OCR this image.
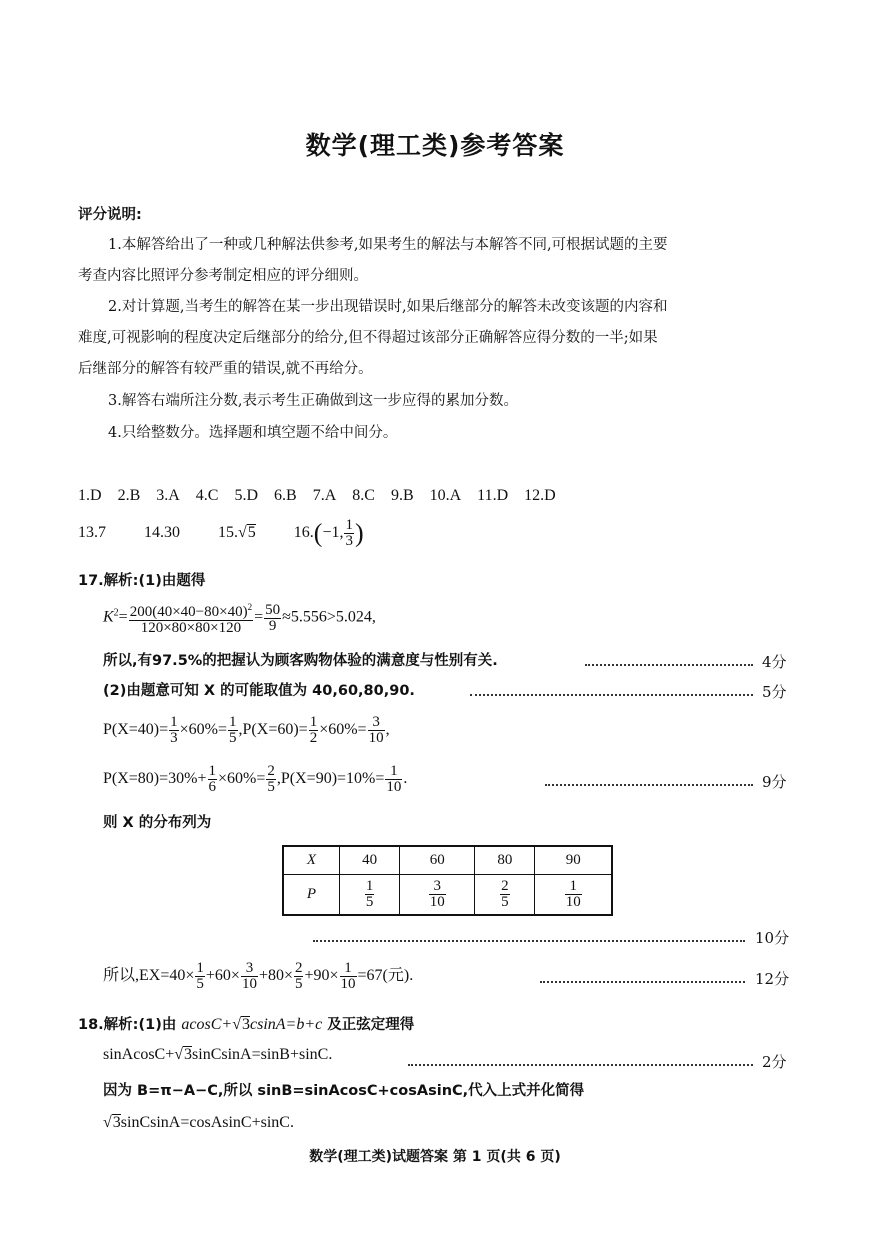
数学(理工类)参考答案
评分说明:
1.本解答给出了一种或几种解法供参考,如果考生的解法与本解答不同,可根据试题的主要
考查内容比照评分参考制定相应的评分细则。
2.对计算题,当考生的解答在某一步出现错误时,如果后继部分的解答未改变该题的内容和
难度,可视影响的程度决定后继部分的给分,但不得超过该部分正确解答应得分数的一半;如果
后继部分的解答有较严重的错误,就不再给分。
3.解答右端所注分数,表示考生正确做到这一步应得的累加分数。
4.只给整数分。选择题和填空题不给中间分。
1.D 2.B 3.A 4.C 5.D 6.B 7.A 8.C 9.B 10.A 11.D 12.D
13.7 14.30 15.√5 16.(−1, $\frac{1}{3}$ )
17.解析:(1)由题得
$K^2= \frac{200(40\times 40-80\times 40)^2}{120\times 80\times 80\times 120} = \frac{50}{9} \approx 5.556>5.024$,
所以,有97.5%的把握认为顾客购物体验的满意度与性别有关.	4分
(2)由题意可知 X 的可能取值为 40,60,80,90.	5分
$P(X=40)= \frac{1}{3} \times 60\%= \frac{1}{5} ,P(X=60)= \frac{1}{2} \times 60\%= \frac{3}{10}$ ,
$P(X=80)=30\%+ \frac{1}{6} \times 60\%= \frac{2}{5} ,P(X=90)=10\%= \frac{1}{10}$ .	9分
则 X 的分布列为
X	40	60	80	90
P	$\frac{1}{5}$	$\frac{3}{10}$	$\frac{2}{5}$	$\frac{1}{10}$
10分
所以$,EX=40\times \frac{1}{5} +60\times \frac{3}{10} +80\times \frac{2}{5} +90\times \frac{1}{10} =67$(元).	12分
18.解析:(1)由 acosC+√3csinA=b+c 及正弦定理得
sinAcosC+√3sinCsinA=sinB+sinC.	2分
因为 B=π−A−C,所以 sinB=sinAcosC+cosAsinC,代入上式并化简得
√3sinCsinA=cosAsinC+sinC.
数学(理工类)试题答案 第 1 页(共 6 页)
